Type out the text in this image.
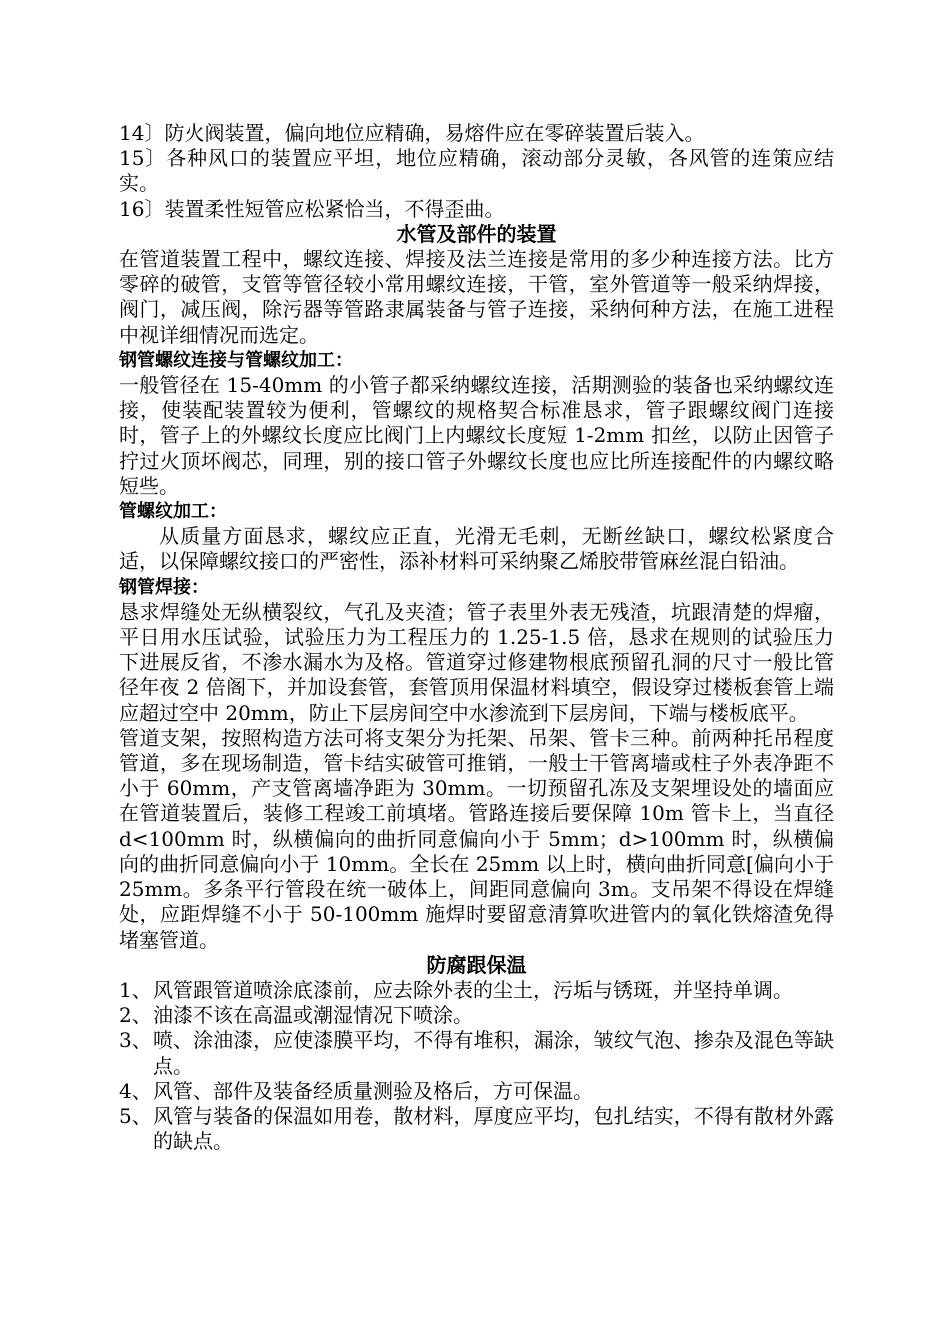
14〕防火阀装置，偏向地位应精确，易熔件应在零碎装置后装入。

15〕各种风口的装置应平坦，地位应精确，滚动部分灵敏，各风管的连策应结实。

16〕装置柔性短管应松紧恰当，不得歪曲。

水管及部件的装置

在管道装置工程中，螺纹连接、焊接及法兰连接是常用的多少种连接方法。比方零碎的破管，支管等管径较小常用螺纹连接，干管，室外管道等一般采纳焊接，阀门，减压阀，除污器等管路隶属装备与管子连接，采纳何种方法，在施工进程中视详细情况而选定。

钢管螺纹连接与管螺纹加工：

一般管径在 15-40mm 的小管子都采纳螺纹连接，活期测验的装备也采纳螺纹连接，使装配装置较为便利，管螺纹的规格契合标准恳求，管子跟螺纹阀门连接时，管子上的外螺纹长度应比阀门上内螺纹长度短 1-2mm 扣丝，以防止因管子拧过火顶坏阀芯，同理，别的接口管子外螺纹长度也应比所连接配件的内螺纹略短些。

管螺纹加工：

从质量方面恳求，螺纹应正直，光滑无毛刺，无断丝缺口，螺纹松紧度合适，以保障螺纹接口的严密性，添补材料可采纳聚乙烯胶带管麻丝混白铅油。

钢管焊接：

恳求焊缝处无纵横裂纹，气孔及夹渣；管子表里外表无残渣，坑跟清楚的焊瘤，平日用水压试验，试验压力为工程压力的 1.25-1.5 倍，恳求在规则的试验压力下进展反省，不渗水漏水为及格。管道穿过修建物根底预留孔洞的尺寸一般比管径年夜 2 倍阁下，并加设套管，套管顶用保温材料填空，假设穿过楼板套管上端应超过空中 20mm，防止下层房间空中水渗流到下层房间，下端与楼板底平。

管道支架，按照构造方法可将支架分为托架、吊架、管卡三种。前两种托吊程度管道，多在现场制造，管卡结实破管可推销，一般士干管离墙或柱子外表净距不小于 60mm，产支管离墙净距为 30mm。一切预留孔冻及支架埋设处的墙面应在管道装置后，装修工程竣工前填堵。管路连接后要保障 10m 管卡上，当直径 d<100mm 时，纵横偏向的曲折同意偏向小于 5mm；d>100mm 时，纵横偏向的曲折同意偏向小于 10mm。全长在 25mm 以上时，横向曲折同意[偏向小于 25mm。多条平行管段在统一破体上，间距同意偏向 3m。支吊架不得设在焊缝处，应距焊缝不小于 50-100mm 施焊时要留意清算吹进管内的氧化铁熔渣免得堵塞管道。

防腐跟保温

1、 风管跟管道喷涂底漆前，应去除外表的尘土，污垢与锈斑，并坚持单调。
2、 油漆不该在高温或潮湿情况下喷涂。
3、 喷、涂油漆，应使漆膜平均，不得有堆积，漏涂，皱纹气泡、掺杂及混色等缺点。
4、 风管、部件及装备经质量测验及格后，方可保温。
5、 风管与装备的保温如用卷，散材料，厚度应平均，包扎结实，不得有散材外露的缺点。
